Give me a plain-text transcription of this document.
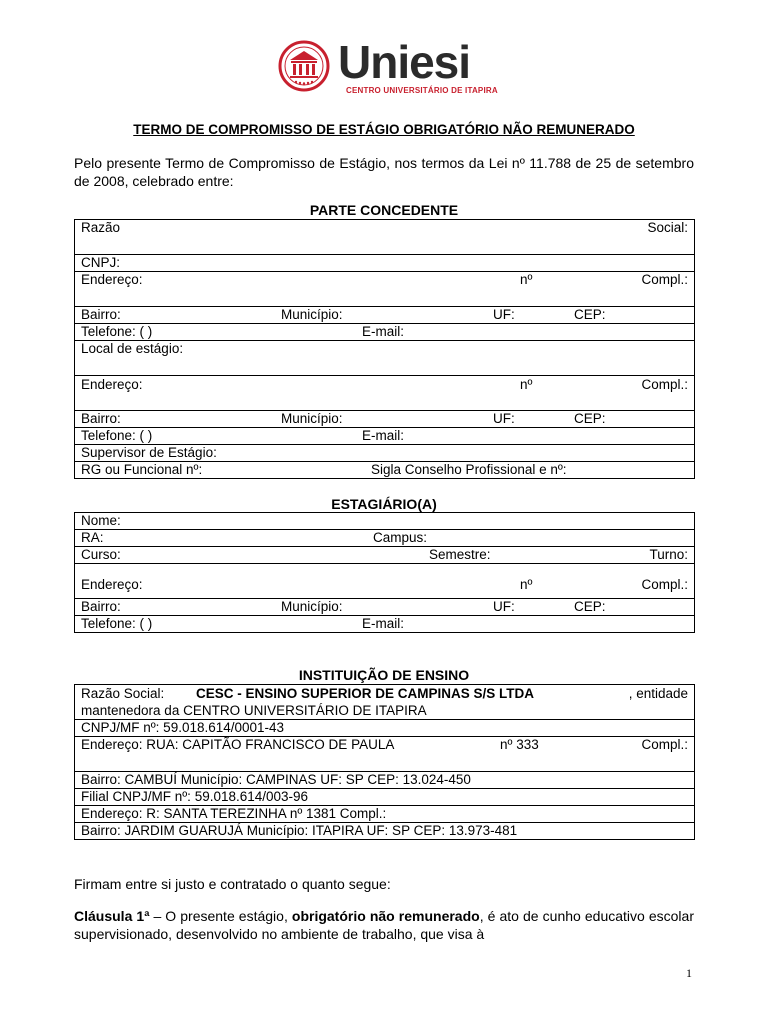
Uniesi
CENTRO UNIVERSITÁRIO DE ITAPIRA
TERMO DE COMPROMISSO DE ESTÁGIO OBRIGATÓRIO NÃO REMUNERADO
Pelo presente Termo de Compromisso de Estágio, nos termos da Lei nº 11.788 de 25 de setembro de 2008, celebrado entre:
PARTE CONCEDENTE
Razão	Social:

CNPJ:

Endereço:	nº	Compl.:

Bairro:	Município:	UF:	CEP:

Telefone: ( )	E-mail:

Local de estágio:

Endereço:	nº	Compl.:

Bairro:	Município:	UF:	CEP:

Telefone: ( )	E-mail:

Supervisor de Estágio:

RG ou Funcional nº:	Sigla Conselho Profissional e nº:
ESTAGIÁRIO(A)
Nome:

RA:	Campus:

Curso:	Semestre:	Turno:

Endereço:	nº	Compl.:

Bairro:	Município:	UF:	CEP:

Telefone: ( )	E-mail:
INSTITUIÇÃO DE ENSINO
Razão Social: CESC - ENSINO SUPERIOR DE CAMPINAS S/S LTDA	, entidade
mantenedora da CENTRO UNIVERSITÁRIO DE ITAPIRA

CNPJ/MF nº: 59.018.614/0001-43

Endereço: RUA: CAPITÃO FRANCISCO DE PAULA	nº 333	Compl.:

Bairro: CAMBUÍ Município: CAMPINAS UF: SP CEP: 13.024-450
Filial CNPJ/MF nº: 59.018.614/003-96
Endereço: R: SANTA TEREZINHA nº 1381 Compl.:
Bairro: JARDIM GUARUJÁ Município: ITAPIRA UF: SP CEP: 13.973-481
Firmam entre si justo e contratado o quanto segue:
Cláusula 1ª – O presente estágio, obrigatório não remunerado, é ato de cunho educativo escolar supervisionado, desenvolvido no ambiente de trabalho, que visa à
1
